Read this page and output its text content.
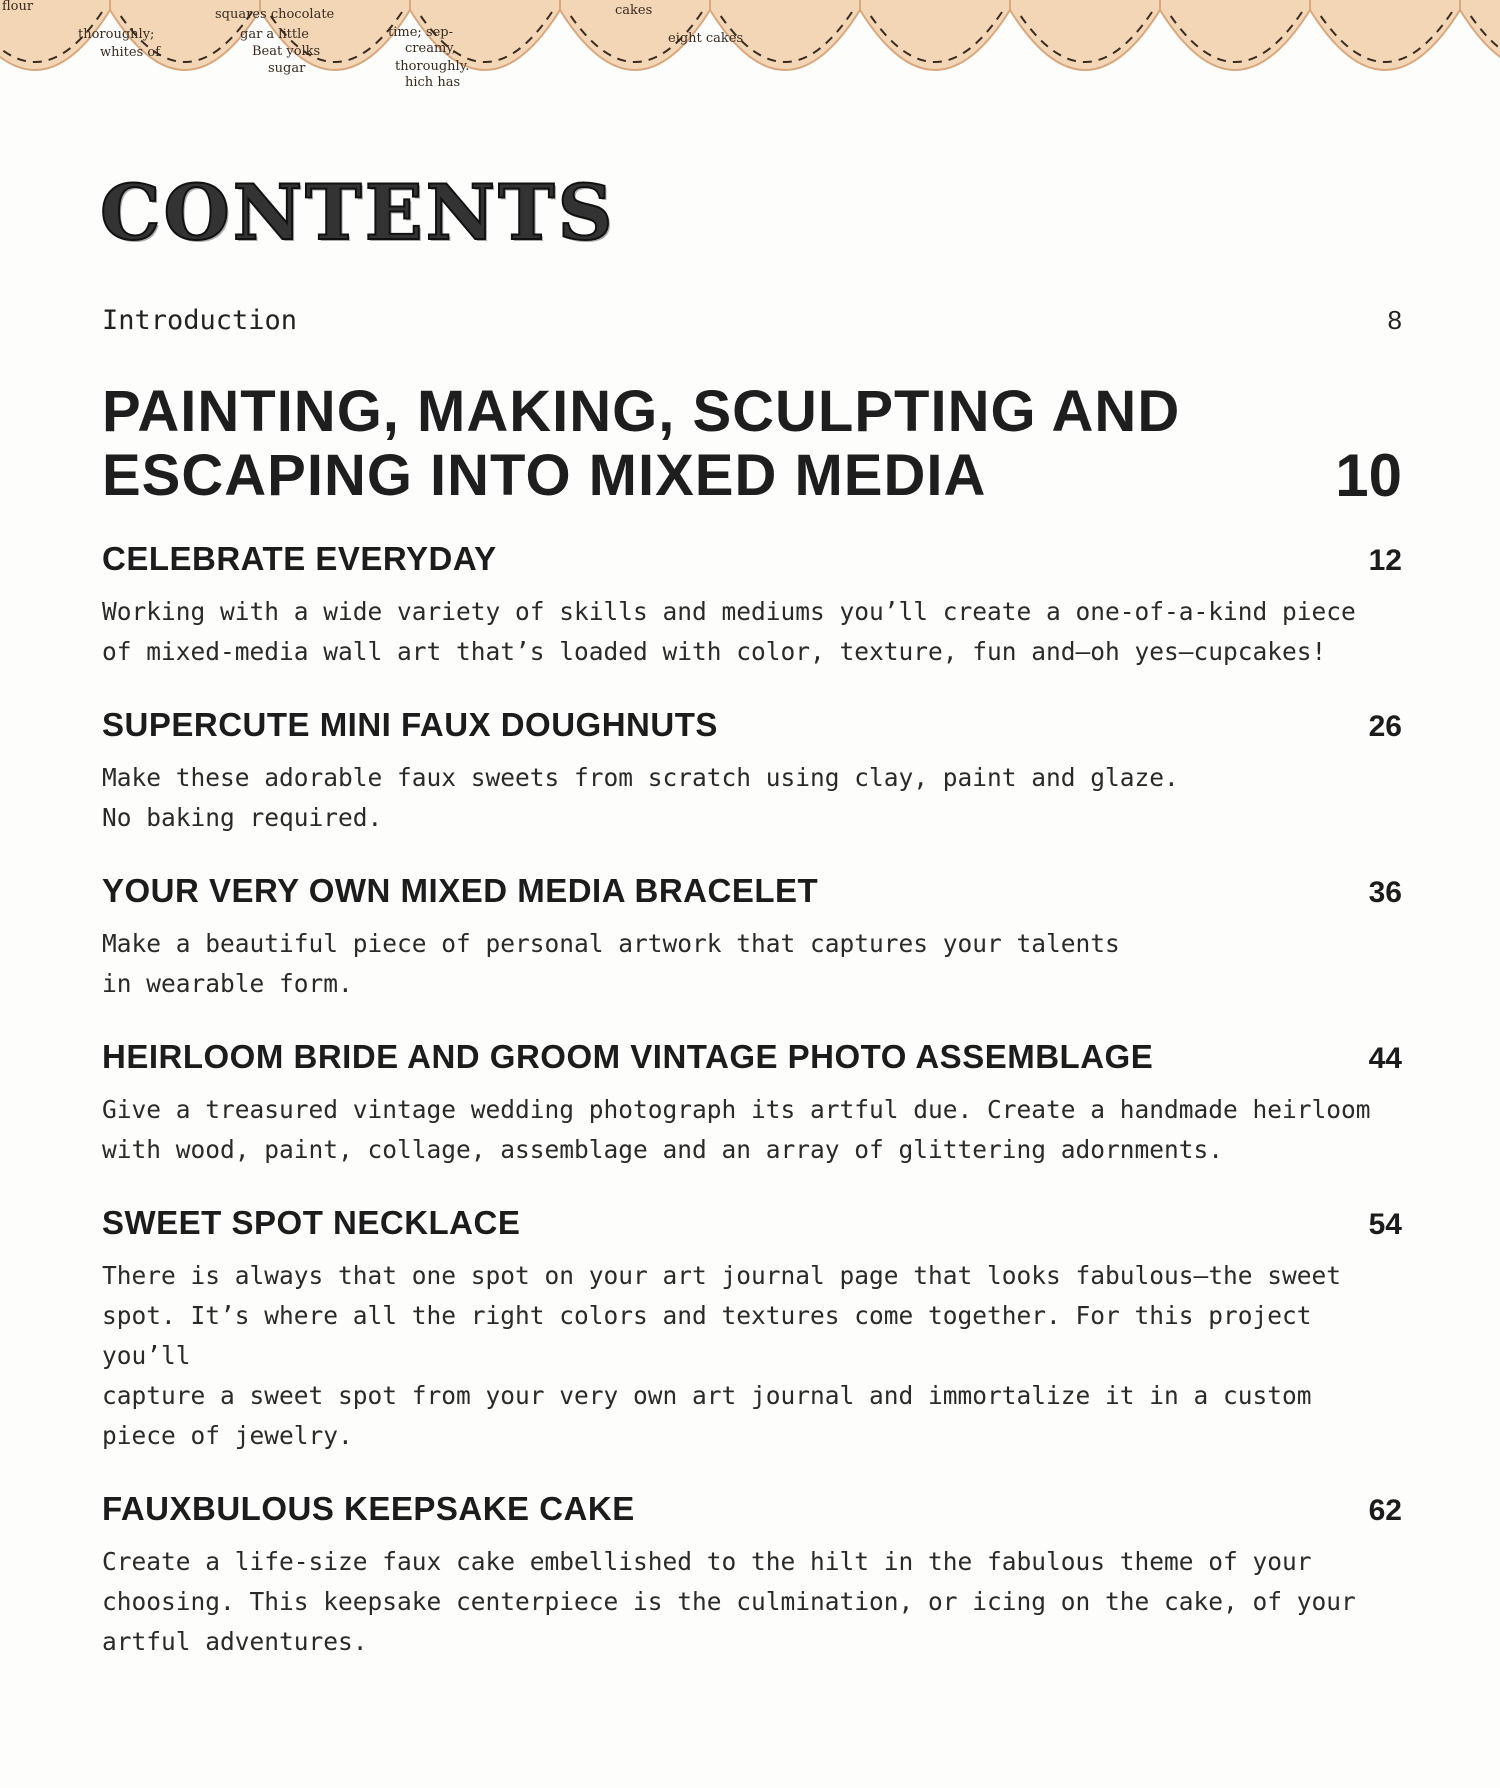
flour
thoroughly;
whites of
squares chocolate
gar a little
Beat yolks
sugar
time; sep-
creamy,
thoroughly.
hich has
cakes
eight cakes
CONTENTS
Introduction	8
PAINTING, MAKING, SCULPTING AND
ESCAPING INTO MIXED MEDIA	10
CELEBRATE EVERYDAY	12
Working with a wide variety of skills and mediums you’ll create a one-of-a-kind piece
of mixed-media wall art that’s loaded with color, texture, fun and—oh yes—cupcakes!
SUPERCUTE MINI FAUX DOUGHNUTS	26
Make these adorable faux sweets from scratch using clay, paint and glaze.
No baking required.
YOUR VERY OWN MIXED MEDIA BRACELET	36
Make a beautiful piece of personal artwork that captures your talents
in wearable form.
HEIRLOOM BRIDE AND GROOM VINTAGE PHOTO ASSEMBLAGE	44
Give a treasured vintage wedding photograph its artful due. Create a handmade heirloom
with wood, paint, collage, assemblage and an array of glittering adornments.
SWEET SPOT NECKLACE	54
There is always that one spot on your art journal page that looks fabulous—the sweet
spot. It’s where all the right colors and textures come together. For this project you’ll
capture a sweet spot from your very own art journal and immortalize it in a custom
piece of jewelry.
FAUXBULOUS KEEPSAKE CAKE	62
Create a life-size faux cake embellished to the hilt in the fabulous theme of your
choosing. This keepsake centerpiece is the culmination, or icing on the cake, of your
artful adventures.
